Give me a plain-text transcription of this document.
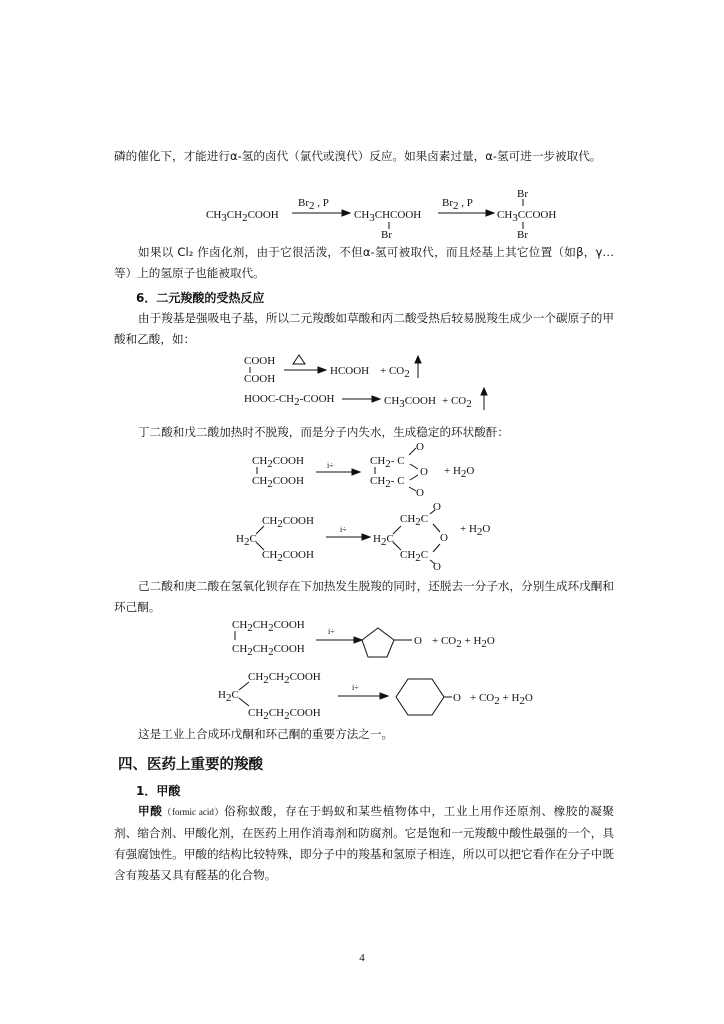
磷的催化下，才能进行α-氢的卤代（氯代或溴代）反应。如果卤素过量，α-氢可进一步被取代。
CH3CH2COOH
Br2 , P
CH3CHCOOH
Br
Br2 , P
CH3CCOOH
Br
Br
如果以 Cl₂ 作卤化剂，由于它很活泼，不但α-氢可被取代，而且烃基上其它位置（如β，γ…等）上的氢原子也能被取代。
6．二元羧酸的受热反应
由于羧基是强吸电子基，所以二元羧酸如草酸和丙二酸受热后较易脱羧生成少一个碳原子的甲酸和乙酸，如：
COOH
COOH
HCOOH + CO2
HOOC-CH2-COOH	CH3COOH + CO2
丁二酸和戊二酸加热时不脱羧，而是分子内失水，生成稳定的环状酸酐：
CH2COOH
CH2COOH
i÷	CH2- C
CH2- C
O
O
O
+ H2O
CH2COOH
H2C
CH2COOH
i÷
CH2C
H2C
CH2C
O
O
O
+ H2O
己二酸和庚二酸在氢氧化钡存在下加热发生脱羧的同时，还脱去一分子水，分别生成环戊酮和环己酮。
CH2CH2COOH
CH2CH2COOH
i÷
O + CO2 + H2O
CH2CH2COOH
H2C
CH2CH2COOH
i÷
O + CO2 + H2O
这是工业上合成环戊酮和环己酮的重要方法之一。
四、医药上重要的羧酸
1．甲酸
甲酸（formic acid）俗称蚁酸，存在于蚂蚁和某些植物体中，工业上用作还原剂、橡胶的凝聚剂、缩合剂、甲酸化剂，在医药上用作消毒剂和防腐剂。它是饱和一元羧酸中酸性最强的一个，具有强腐蚀性。甲酸的结构比较特殊，即分子中的羧基和氢原子相连，所以可以把它看作在分子中既含有羧基又具有醛基的化合物。
4
